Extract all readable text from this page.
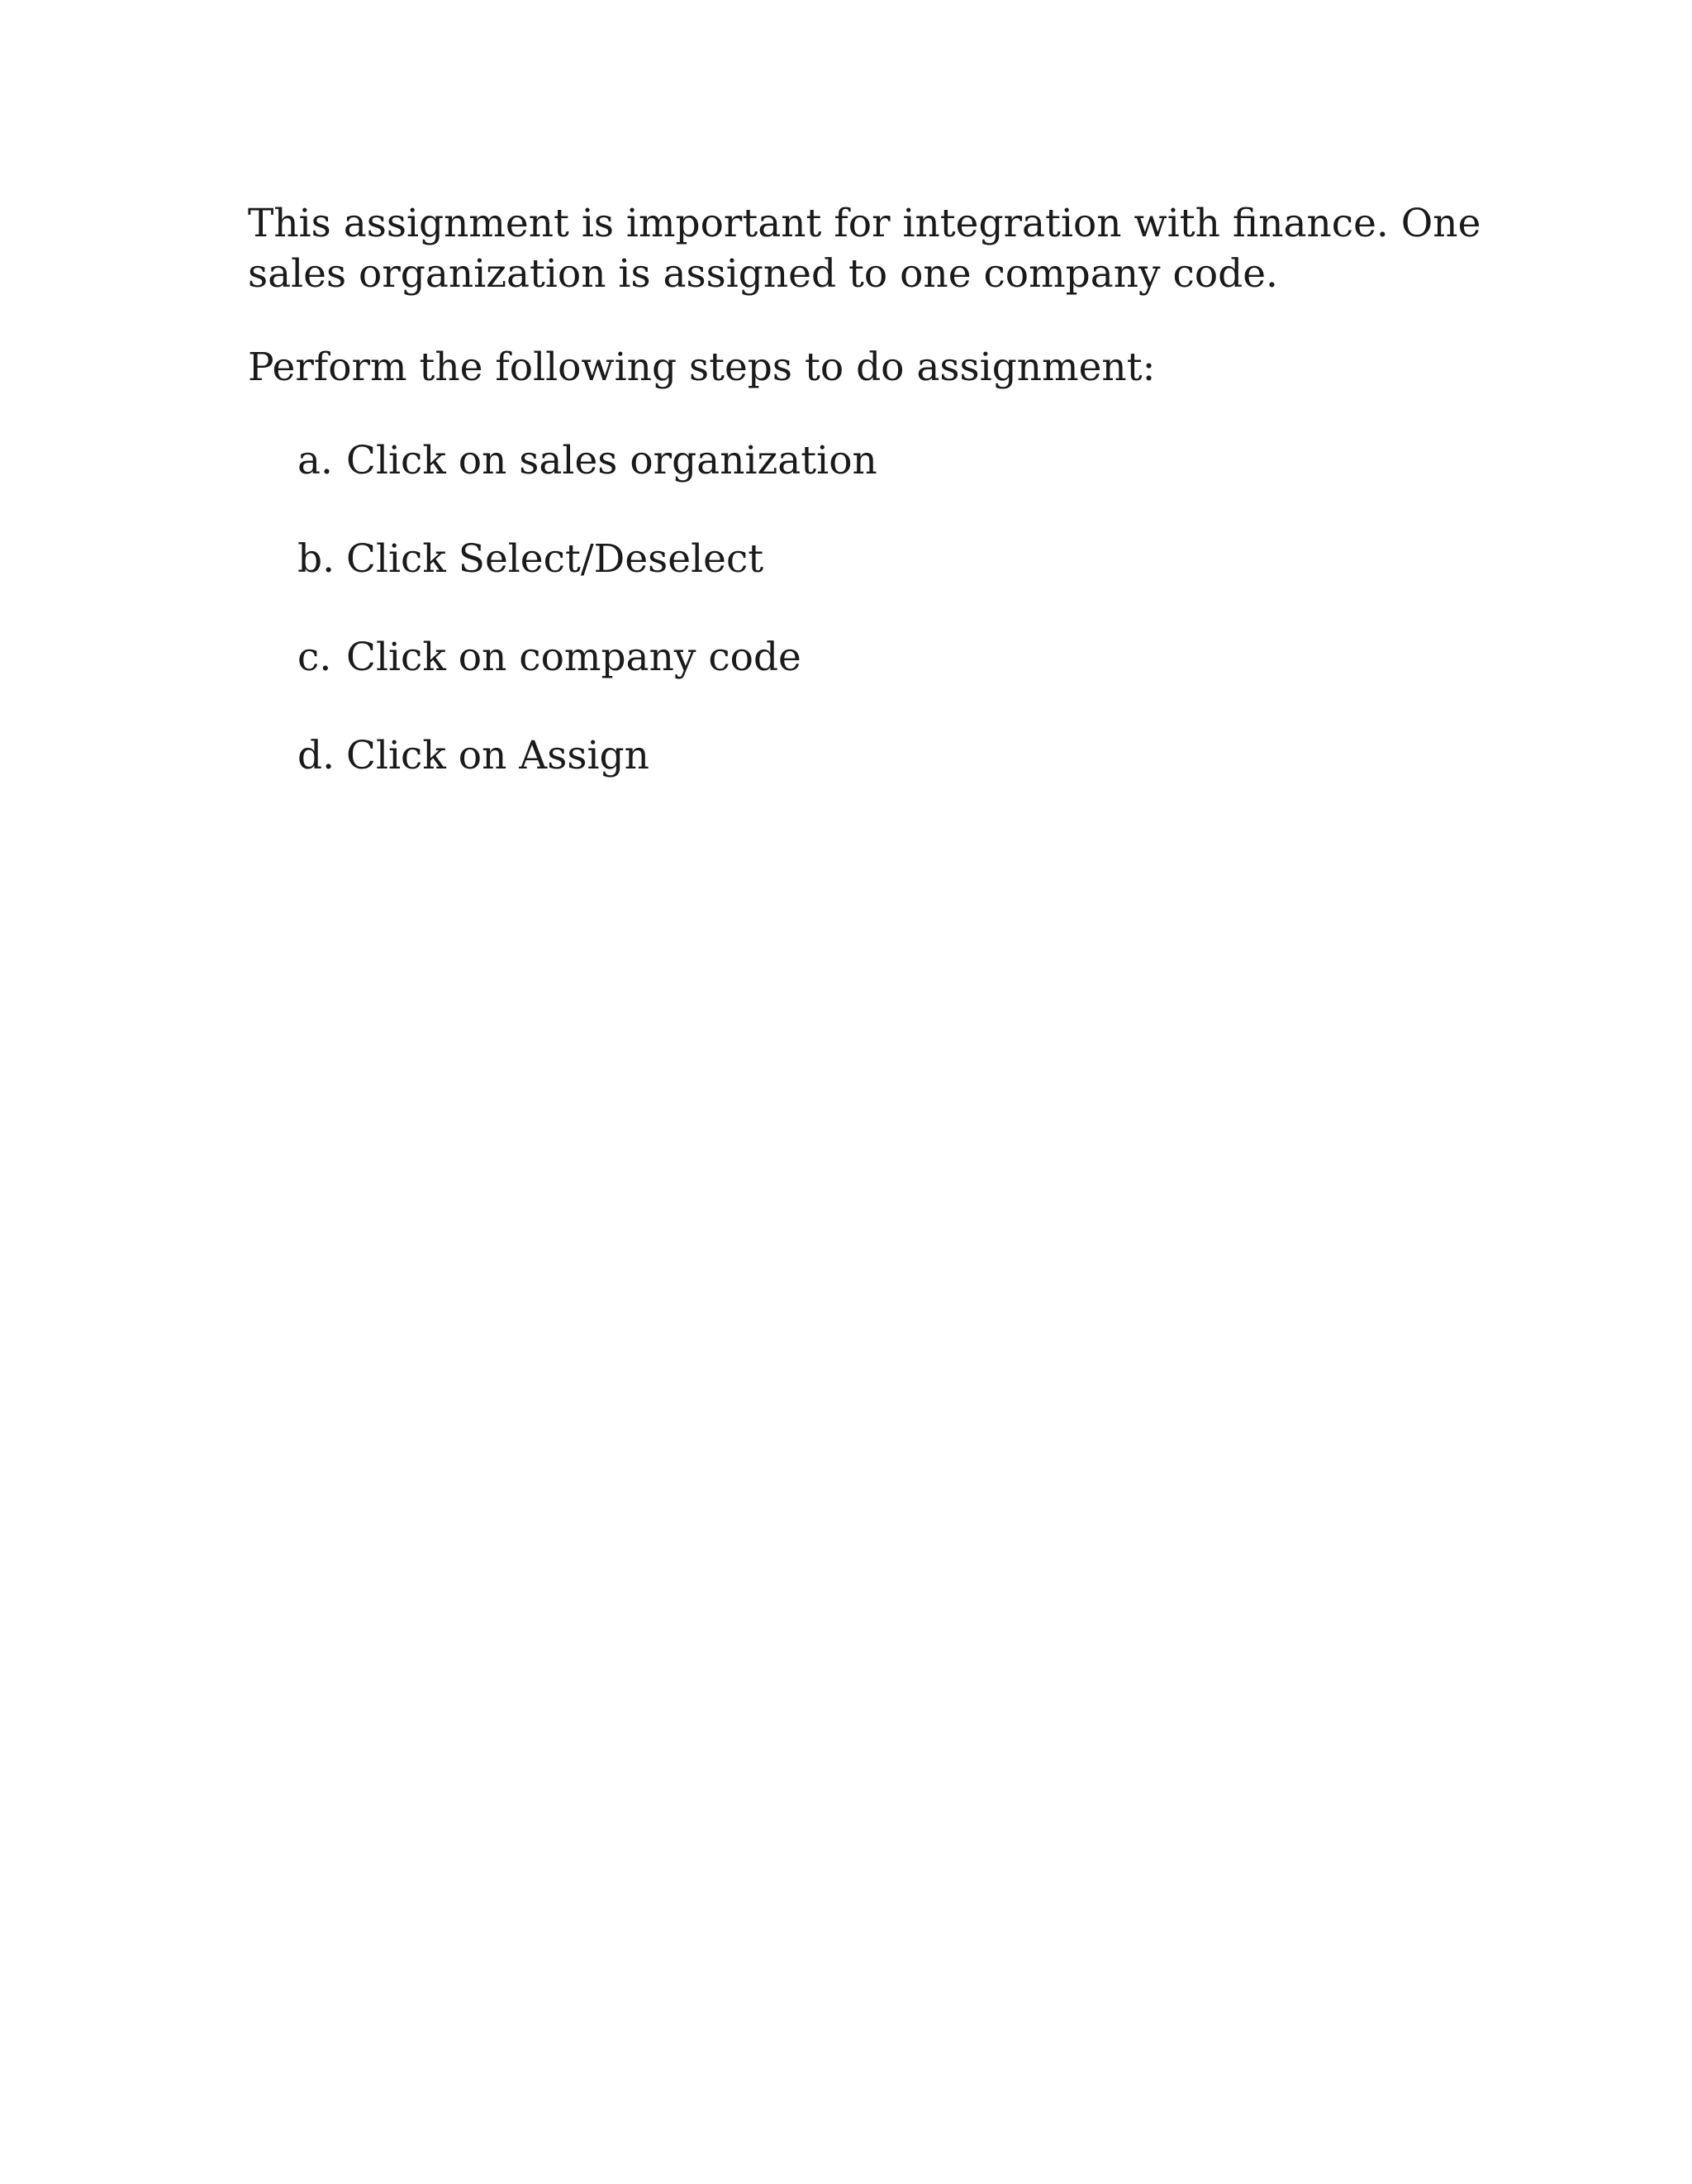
This assignment is important for integration with finance. One
sales organization is assigned to one company code.

Perform the following steps to do assignment:

a. Click on sales organization
b. Click Select/Deselect
c. Click on company code
d. Click on Assign
